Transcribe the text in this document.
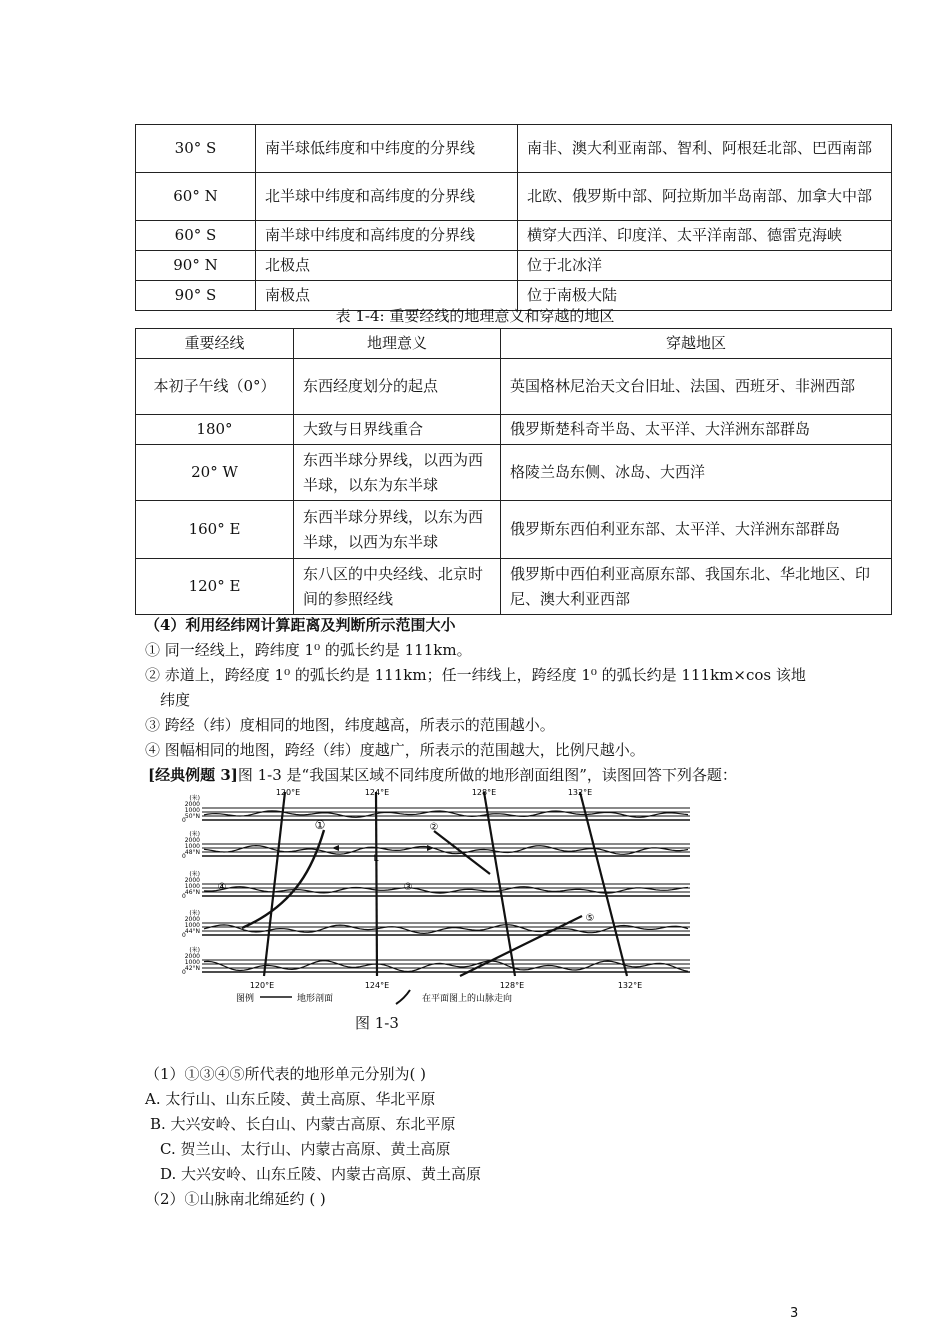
30° S	南半球低纬度和中纬度的分界线	南非、澳大利亚南部、智利、阿根廷北部、巴西南部
60° N	北半球中纬度和高纬度的分界线	北欧、俄罗斯中部、阿拉斯加半岛南部、加拿大中部
60° S	南半球中纬度和高纬度的分界线	横穿大西洋、印度洋、太平洋南部、德雷克海峡
90° N	北极点	位于北冰洋
90° S	南极点	位于南极大陆
表 1-4: 重要经线的地理意义和穿越的地区
重要经线	地理意义	穿越地区
本初子午线（0°）	东西经度划分的起点	英国格林尼治天文台旧址、法国、西班牙、非洲西部
180°	大致与日界线重合	俄罗斯楚科奇半岛、太平洋、大洋洲东部群岛
20° W	东西半球分界线，以西为西半球，以东为东半球	格陵兰岛东侧、冰岛、大西洋
160° E	东西半球分界线，以东为西半球，以西为东半球	俄罗斯东西伯利亚东部、太平洋、大洋洲东部群岛
120° E	东八区的中央经线、北京时间的参照经线	俄罗斯中西伯利亚高原东部、我国东北、华北地区、印尼、澳大利亚西部
（4）利用经纬网计算距离及判断所示范围大小
① 同一经线上，跨纬度 1⁰ 的弧长约是 111km。
② 赤道上，跨经度 1⁰ 的弧长约是 111km；任一纬线上，跨经度 1⁰ 的弧长约是 111km×cos 该地
纬度
③ 跨经（纬）度相同的地图，纬度越高，所表示的范围越小。
④ 图幅相同的地图，跨经（纬）度越广，所表示的范围越大，比例尺越小。
[经典例题 3]图 1-3 是“我国某区域不同纬度所做的地形剖面组图”，读图回答下列各题：
(米)
2000
1000
50°N
0
(米)
2000
1000
48°N
0
(米)
2000
1000
46°N
0
(米)
2000
1000
44°N
0
(米)
2000
1000
42°N
0
L
①	②
③
④
⑤
120°E	124°E	128°E	132°E
120°E	124°E	128°E	132°E
图例	地形剖面	在平面图上的山脉走向
图 1-3
（1）①③④⑤所代表的地形单元分别为( )
A. 太行山、山东丘陵、黄土高原、华北平原
B. 大兴安岭、长白山、内蒙古高原、东北平原
C. 贺兰山、太行山、内蒙古高原、黄土高原
D. 大兴安岭、山东丘陵、内蒙古高原、黄土高原
（2）①山脉南北绵延约 ( )
3
